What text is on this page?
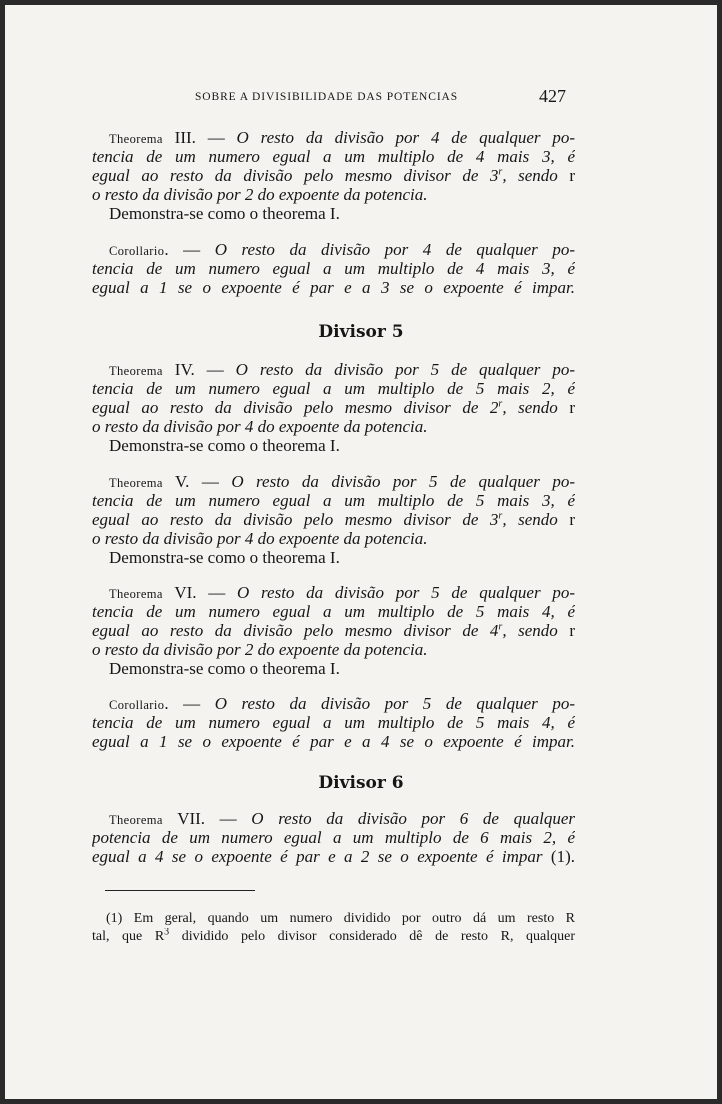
SOBRE A DIVISIBILIDADE DAS POTENCIAS	427
 Theorema III. — O resto da divisão por 4 de qualquer po-
tencia de um numero egual a um multiplo de 4 mais 3, é
egual ao resto da divisão pelo mesmo divisor de 3$^r$, sendo r
o resto da divisão por 2 do expoente da potencia.
 Demonstra-se como o theorema I.
 Corollario. — O resto da divisão por 4 de qualquer po-
tencia de um numero egual a um multiplo de 4 mais 3, é
egual a 1 se o expoente é par e a 3 se o expoente é impar.
Divisor 5
 Theorema IV. — O resto da divisão por 5 de qualquer po-
tencia de um numero egual a um multiplo de 5 mais 2, é
egual ao resto da divisão pelo mesmo divisor de 2$^r$, sendo r
o resto da divisão por 4 do expoente da potencia.
 Demonstra-se como o theorema I.
 Theorema V. — O resto da divisão por 5 de qualquer po-
tencia de um numero egual a um multiplo de 5 mais 3, é
egual ao resto da divisão pelo mesmo divisor de 3$^r$, sendo r
o resto da divisão por 4 do expoente da potencia.
 Demonstra-se como o theorema I.
 Theorema VI. — O resto da divisão por 5 de qualquer po-
tencia de um numero egual a um multiplo de 5 mais 4, é
egual ao resto da divisão pelo mesmo divisor de 4$^r$, sendo r
o resto da divisão por 2 do expoente da potencia.
 Demonstra-se como o theorema I.
 Corollario. — O resto da divisão por 5 de qualquer po-
tencia de um numero egual a um multiplo de 5 mais 4, é
egual a 1 se o expoente é par e a 4 se o expoente é impar.
Divisor 6
 Theorema VII. — O resto da divisão por 6 de qualquer
potencia de um numero egual a um multiplo de 6 mais 2, é
egual a 4 se o expoente é par e a 2 se o expoente é impar (1).
 (1) Em geral, quando um numero dividido por outro dá um resto R
tal, que $R^3$ dividido pelo divisor considerado dê de resto R, qualquer
